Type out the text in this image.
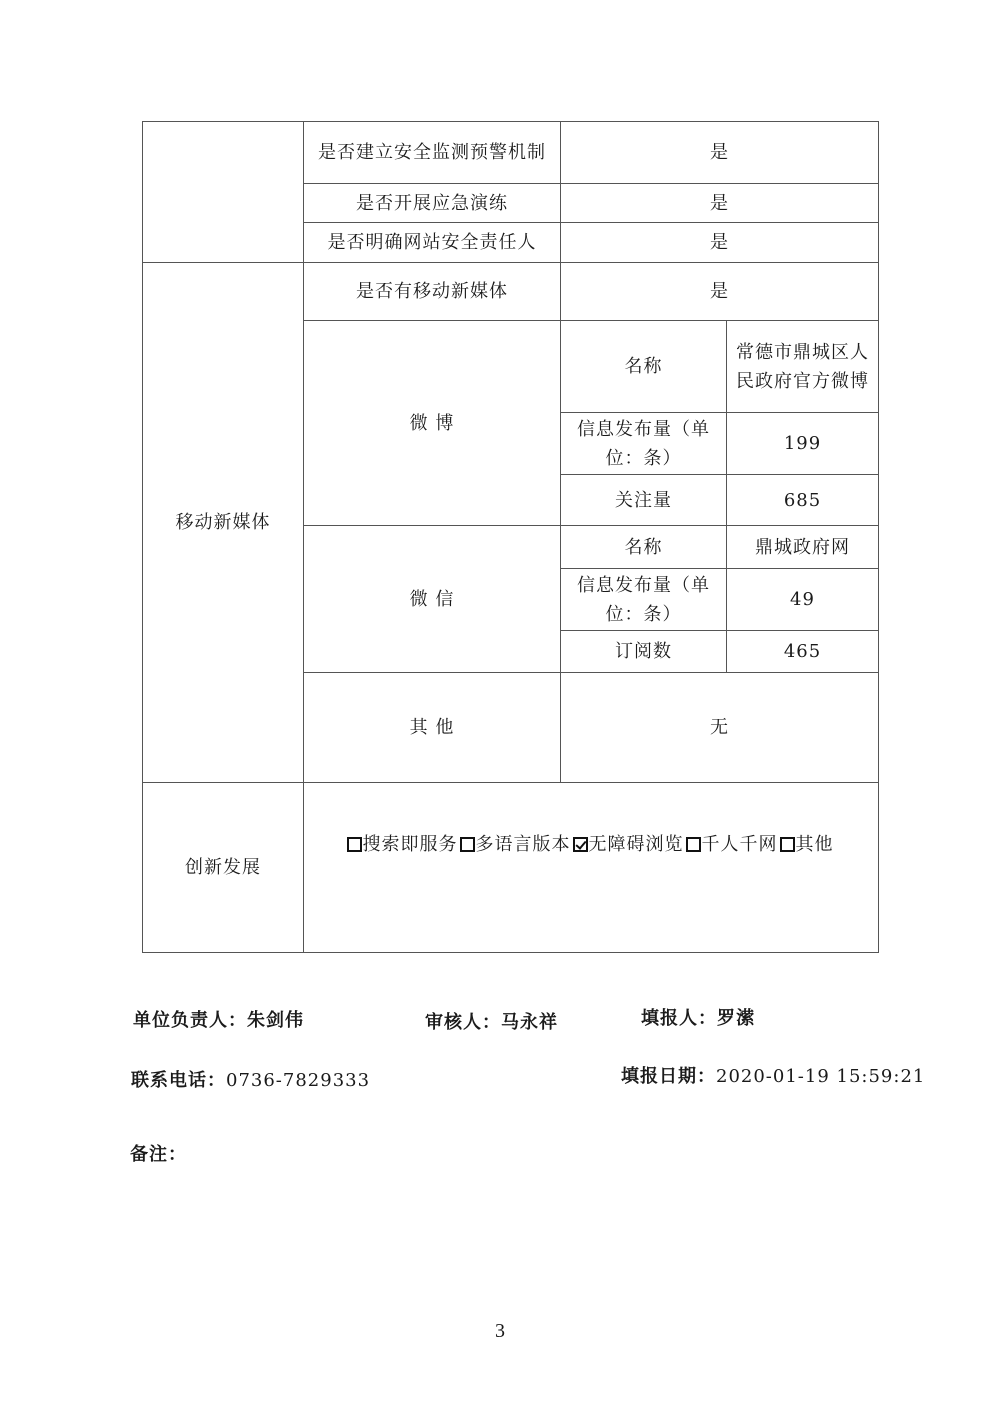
	是否建立安全监测预警机制	是	
	是否开展应急演练	是	
	是否明确网站安全责任人	是	
移动新媒体	是否有移动新媒体	是	
	微 博	名称	常德市鼎城区人民政府官方微博
		信息发布量（单位：条）	199
		关注量	685
	微 信	名称	鼎城政府网
		信息发布量（单位：条）	49
		订阅数	465
	其 他	无	
创新发展	搜索即服务 多语言版本 无障碍浏览 千人千网 其他		
单位负责人：朱剑伟	审核人：马永祥	填报人：罗潆
联系电话：0736-7829333	填报日期：2020-01-19 15:59:21
备注：
3
